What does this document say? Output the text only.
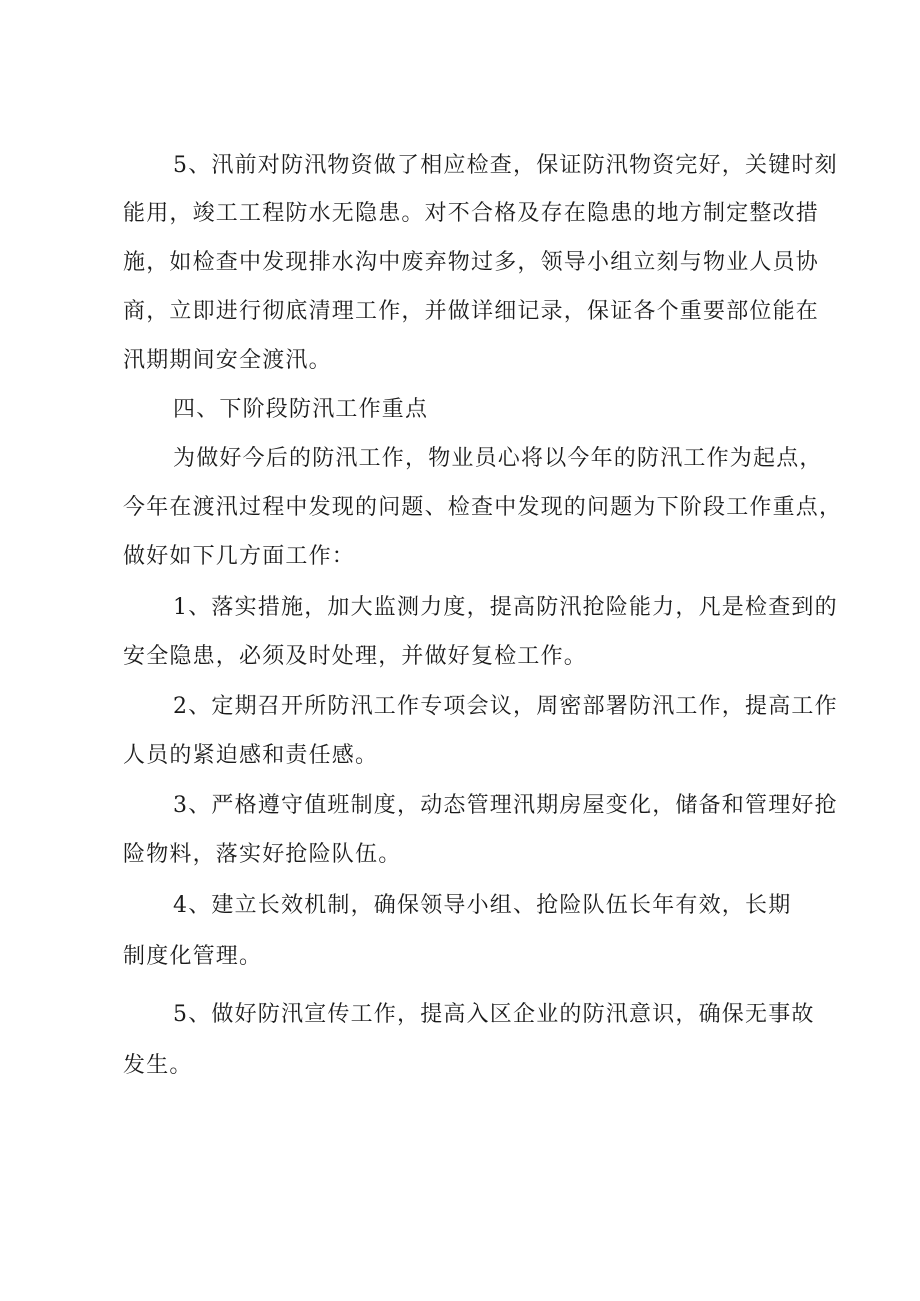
5、汛前对防汛物资做了相应检查，保证防汛物资完好，关键时刻
能用，竣工工程防水无隐患。对不合格及存在隐患的地方制定整改措
施，如检查中发现排水沟中废弃物过多，领导小组立刻与物业人员协
商，立即进行彻底清理工作，并做详细记录，保证各个重要部位能在
汛期期间安全渡汛。
四、下阶段防汛工作重点
为做好今后的防汛工作，物业员心将以今年的防汛工作为起点，
今年在渡汛过程中发现的问题、检查中发现的问题为下阶段工作重点，
做好如下几方面工作：
1、落实措施，加大监测力度，提高防汛抢险能力，凡是检查到的
安全隐患，必须及时处理，并做好复检工作。
2、定期召开所防汛工作专项会议，周密部署防汛工作，提高工作
人员的紧迫感和责任感。
3、严格遵守值班制度，动态管理汛期房屋变化，储备和管理好抢
险物料，落实好抢险队伍。
4、建立长效机制，确保领导小组、抢险队伍长年有效，长期
制度化管理。
5、做好防汛宣传工作，提高入区企业的防汛意识，确保无事故
发生。
